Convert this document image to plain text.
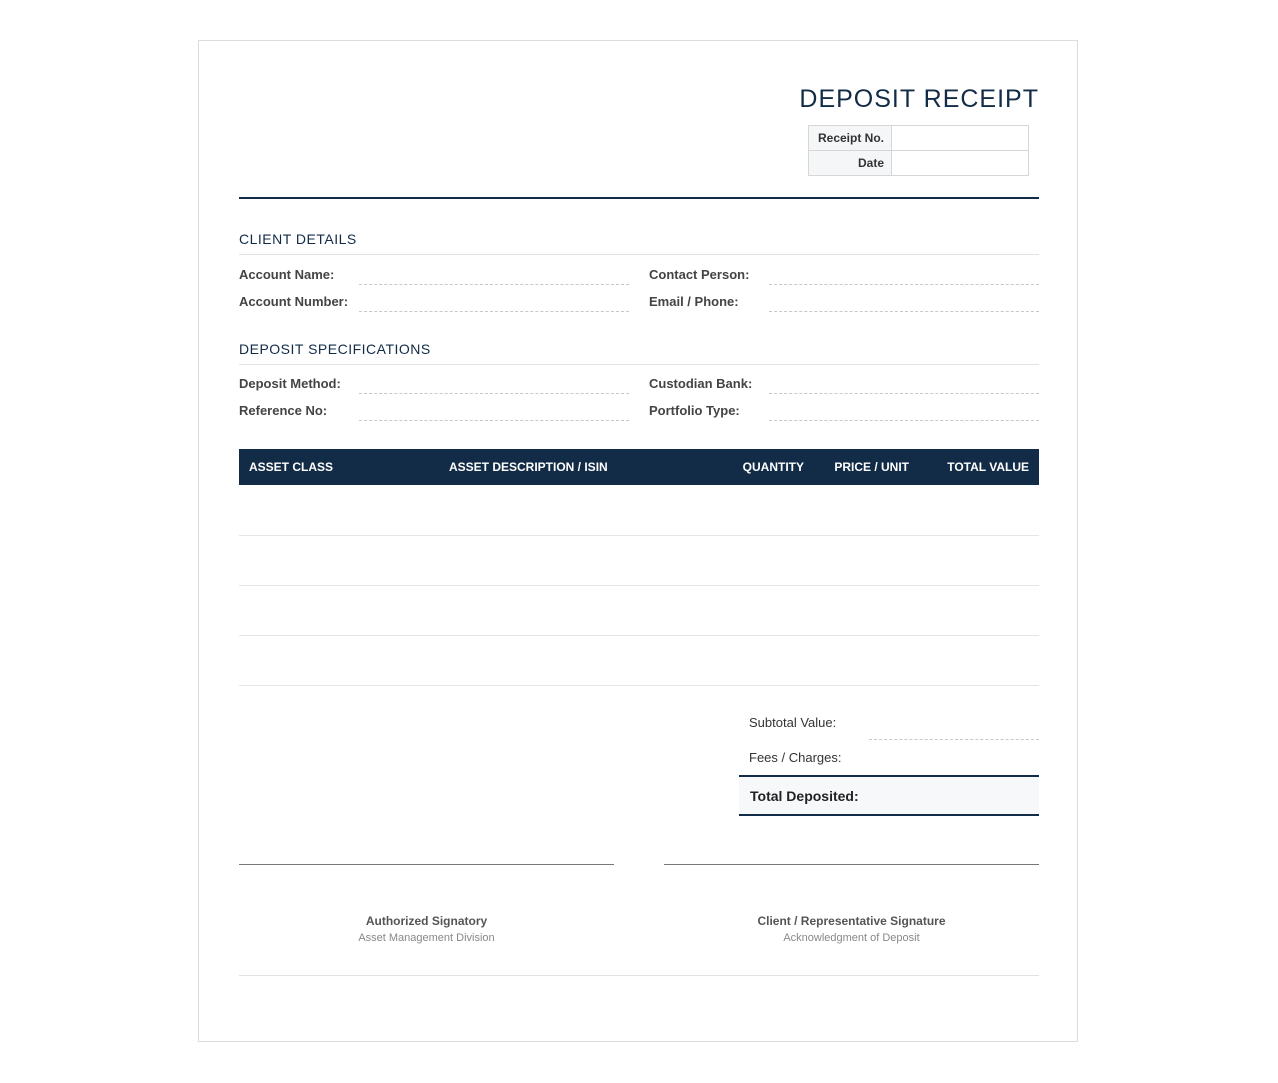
DEPOSIT RECEIPT
Receipt No.	
Date	
CLIENT DETAILS
Account Name:	Contact Person:
Account Number:	Email / Phone:
DEPOSIT SPECIFICATIONS
Deposit Method:	Custodian Bank:
Reference No:	Portfolio Type:
ASSET CLASS	ASSET DESCRIPTION / ISIN	QUANTITY	PRICE / UNIT	TOTAL VALUE

Subtotal Value:
Fees / Charges:
Total Deposited:
Authorized Signatory
Asset Management Division
Client / Representative Signature
Acknowledgment of Deposit
